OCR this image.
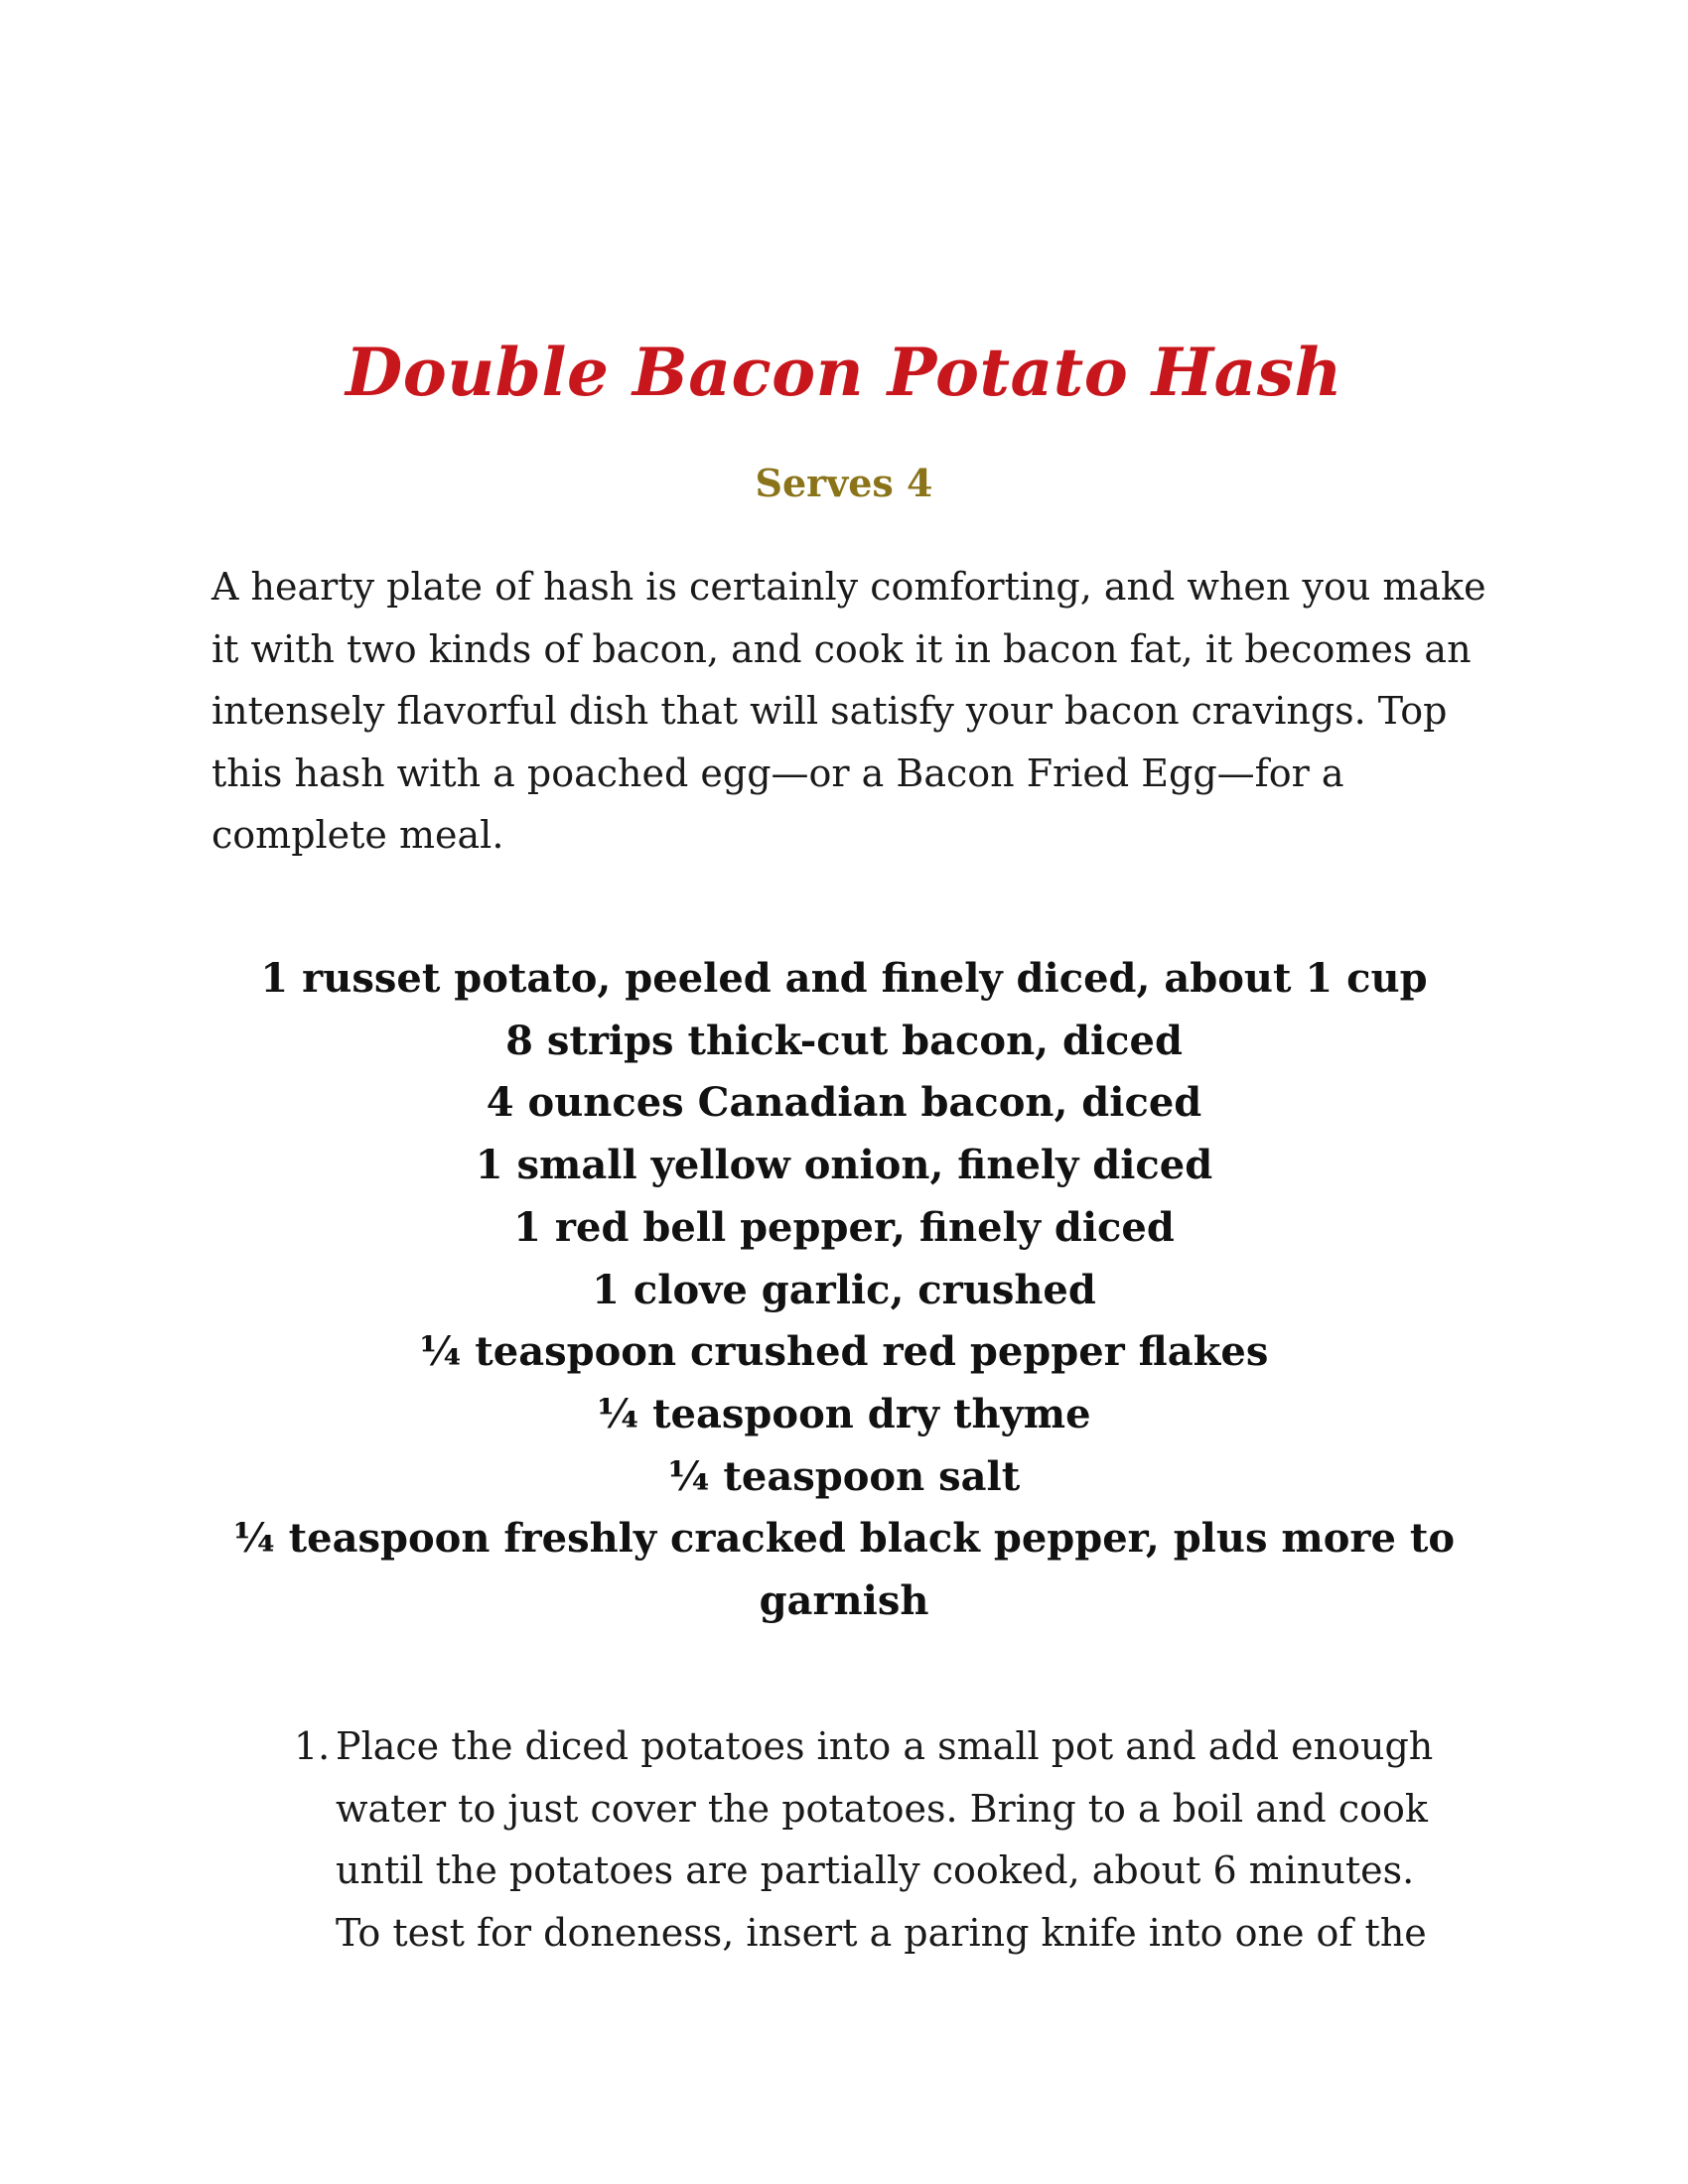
Double Bacon Potato Hash
Serves 4

A hearty plate of hash is certainly comforting, and when you make it with two kinds of bacon, and cook it in bacon fat, it becomes an intensely flavorful dish that will satisfy your bacon cravings. Top this hash with a poached egg—or a Bacon Fried Egg—for a complete meal.

1 russet potato, peeled and finely diced, about 1 cup
8 strips thick-cut bacon, diced
4 ounces Canadian bacon, diced
1 small yellow onion, finely diced
1 red bell pepper, finely diced
1 clove garlic, crushed
¼ teaspoon crushed red pepper flakes
¼ teaspoon dry thyme
¼ teaspoon salt
¼ teaspoon freshly cracked black pepper, plus more to garnish
1. Place the diced potatoes into a small pot and add enough water to just cover the potatoes. Bring to a boil and cook until the potatoes are partially cooked, about 6 minutes. To test for doneness, insert a paring knife into one of the
